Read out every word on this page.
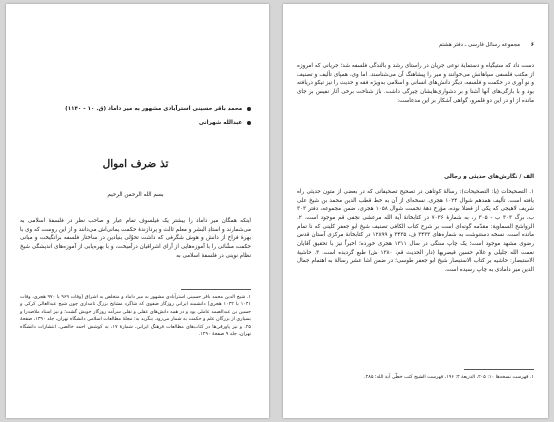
محمد باقر حسینی استرآبادی مشهور به میر داماد (ق. ۱۰ - ۱۱۴۰)
عبدالله شهرانی
تذ ضرف اموال
بسم الله الرحمن الرحیم

اینکه همگان میر داماد را بیشتر یک فیلسوف تمام عیار و صاحب نظر در فلسفهٔ اسلامی به می‌شمارند و استادِ البشر و معلم ثالث و پردازندهٔ حکمت یمانی‌اش می‌دانند و از این روست که وی با بهرهٔ فراخ از دانش و هوش شگرفی که داشت تحوّلی بنیادین در ساختار فلسفه برانگیخت و مبانی حکمت مشّائی را با آموزه‌هایی از آرای اشراقیان درآمیخت، و با بهره‌یابی از آموزه‌های اندیشگی شیخ نظام نوینی در فلسفهٔ اسلامی به

۱. شیخ الدین محمد باقر حسینی استرآبادی مشهور به میر داماد و متخلص به اشراق (وفات ۹۶۹ یا ۹۷۰ هجری، وفات ۱۰۴۱ یا ۱۰۴۲ هجری) دانشمند ایرانی روزگار صفوی که شاگرد مشایخ بزرگ نامداری چون شیخ عبدالعالی کرکی و حسین بن عبدالصمد عاملی بود و در همه دانش‌های عقلی و نقلی سرآمد روزگار خویش گشت؛ و نیز استاد ملاصدرا و بسیاری از بزرگان علم و حکمت به شمار می‌رود. بنگرید به: مجلهٔ مطالعات اسلامی دانشگاه تهران، جلد ۱۳۹۰، صفحهٔ ۲۵. و نیز پاورقی‌ها در کتاب‌های مطالعات فرهنگ ایرانی، شمارهٔ ۱۷، به کوشش احمد خالصی، انتشارات دانشگاه تهران، جلد ۹ صفحهٔ ۱۲۹۰.

۶
مجموعه رسائل فارسی ـ دفتر هشتم

دست داد که ستیگیاه و دستمایهٔ نوعی جریان در راستای رشد و بالندگی فلسفه شد؛ جریانی که امروزه از مکتب فلسفی سپاهانش می‌خوانند و میر را پیشاهنگ آن می‌شناسند. اما وی، همپای تألیف و تصنیف و نو آوری در حکمت و فلسفه، دیگر دانش‌های انسانی و اسلامی به‌ویژه فقه و حدیث را نیز نیکو دریافته بود و با بازگی‌های آنها آشنا و بر دشواری‌هایشان چیرگی داشت. باز شناخت برخی آثار نفیس بر جای مانده از او در این دو قلمرو، گواهی آشکار بر این مدعاست:

الف / نگارش‌های حدیثی و رجالی

۱. التصحیحات (یا: التصحیحات): رسالهٔ کوتاهی در تصحیح تصحیفاتی که در بعضی از متون حدیثی راه یافته است. تألیف همدهم شوال ۱۰۲۴ هجری. نسخه‌ای از آن به خط قطب الدین محمد بن شیخ علی شریف لاهیجی که یکی از فضلا بوده، مؤرخ دههٔ نخست شوال ۱۰۵۸ هجری، ضمن مجموعه، دفتر ۳۰۳ ب، برگ ۳۰۳ ب - ۳۰۵ ر، به شمارهٔ ۷۰۳۶ در کتابخانهٔ آیة الله مرعشی نجفی قم موجود است. ۲. الرواشح السماویة: مقدّمه گونه‌ای است بر شرح کتاب الکافی تصنیف شیخ ابو جعفر کلینی که نا تمام مانده است. نسخه دستنوشت به شماره‌های ۳۴۳۳ ف، ۳۴۳۵ و ۱۲۸۹۹ در کتابخانهٔ مرکزی آستان قدس رضوی مشهد موجود است؛ یک چاپ سنگی در سال ۱۳۱۱ هجری خورده؛ اخیراً نیز با تحقیق آقایان نعمت الله جلیلی و غلام حسین قیصریها (دار الحدیث قم، ۱۳۸۰ ش) طبع گردیده است. ۳. حاشیهٔ الاستبصار: حاشیه بر کتاب الاستبصار شیخ ابو جعفر طوسی؛ در ضمن اشا عشر رسالهٔ به اهتمام جمال الدین میر دامادی به چاپ رسیده است.

۱. فهرست نسخه‌ها ۱۰: ۲۰۵، الذریعة ۴: ۱۹۶، فهرست الشیخ کتب خطّی آیة الله؛ ۲۸۵.
